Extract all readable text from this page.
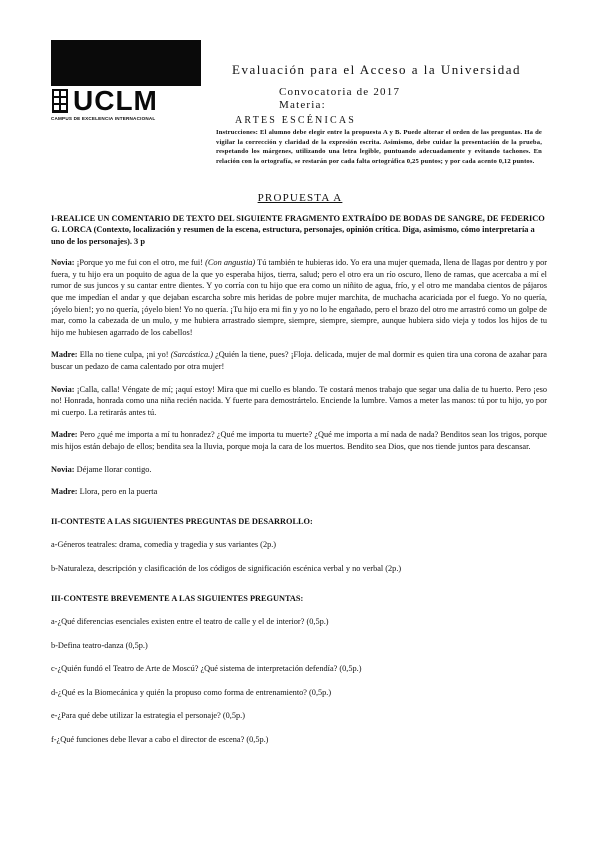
UCLM
CAMPUS DE EXCELENCIA INTERNACIONAL
Evaluación para el Acceso a la Universidad
Convocatoria de 2017
Materia:
ARTES ESCÉNICAS
Instrucciones: El alumno debe elegir entre la propuesta A y B. Puede alterar el orden de las preguntas. Ha de vigilar la corrección y claridad de la expresión escrita. Asimismo, debe cuidar la presentación de la prueba, respetando los márgenes, utilizando una letra legible, puntuando adecuadamente y evitando tachones. En relación con la ortografía, se restarán por cada falta ortográfica 0,25 puntos; y por cada acento 0,12 puntos.
PROPUESTA A

I-REALICE UN COMENTARIO DE TEXTO DEL SIGUIENTE FRAGMENTO EXTRAÍDO DE BODAS DE SANGRE, DE FEDERICO G. LORCA (Contexto, localización y resumen de la escena, estructura, personajes, opinión crítica. Diga, asimismo, cómo interpretaría a uno de los personajes). 3 p

Novia: ¡Porque yo me fui con el otro, me fui! (Con angustia) Tú también te hubieras ido. Yo era una mujer quemada, llena de llagas por dentro y por fuera, y tu hijo era un poquito de agua de la que yo esperaba hijos, tierra, salud; pero el otro era un río oscuro, lleno de ramas, que acercaba a mí el rumor de sus juncos y su cantar entre dientes. Y yo corría con tu hijo que era como un niñito de agua, frío, y el otro me mandaba cientos de pájaros que me impedían el andar y que dejaban escarcha sobre mis heridas de pobre mujer marchita, de muchacha acariciada por el fuego. Yo no quería, ¡óyelo bien!; yo no quería, ¡óyelo bien! Yo no quería. ¡Tu hijo era mi fin y yo no lo he engañado, pero el brazo del otro me arrastró como un golpe de mar, como la cabezada de un mulo, y me hubiera arrastrado siempre, siempre, siempre, siempre, aunque hubiera sido vieja y todos los hijos de tu hijo me hubiesen agarrado de los cabellos!

Madre: Ella no tiene culpa, ¡ni yo! (Sarcástica.) ¿Quién la tiene, pues? ¡Floja. delicada, mujer de mal dormir es quien tira una corona de azahar para buscar un pedazo de cama calentado por otra mujer!

Novia: ¡Calla, calla! Véngate de mí; ¡aquí estoy! Mira que mi cuello es blando. Te costará menos trabajo que segar una dalia de tu huerto. Pero ¡eso no! Honrada, honrada como una niña recién nacida. Y fuerte para demostrártelo. Enciende la lumbre. Vamos a meter las manos: tú por tu hijo, yo por mi cuerpo. La retirarás antes tú.

Madre: Pero ¿qué me importa a mí tu honradez? ¿Qué me importa tu muerte? ¿Qué me importa a mí nada de nada? Benditos sean los trigos, porque mis hijos están debajo de ellos; bendita sea la lluvia, porque moja la cara de los muertos. Bendito sea Dios, que nos tiende juntos para descansar.

Novia: Déjame llorar contigo.

Madre: Llora, pero en la puerta

II-CONTESTE A LAS SIGUIENTES PREGUNTAS DE DESARROLLO:

a-Géneros teatrales: drama, comedia y tragedia y sus variantes (2p.)

b-Naturaleza, descripción y clasificación de los códigos de significación escénica verbal y no verbal (2p.)

III-CONTESTE BREVEMENTE A LAS SIGUIENTES PREGUNTAS:

a-¿Qué diferencias esenciales existen entre el teatro de calle y el de interior? (0,5p.)

b-Defina teatro-danza (0,5p.)

c-¿Quién fundó el Teatro de Arte de Moscú? ¿Qué sistema de interpretación defendía? (0,5p.)

d-¿Qué es la Biomecánica y quién la propuso como forma de entrenamiento? (0,5p.)

e-¿Para qué debe utilizar la estrategia el personaje? (0,5p.)

f-¿Qué funciones debe llevar a cabo el director de escena? (0,5p.)
